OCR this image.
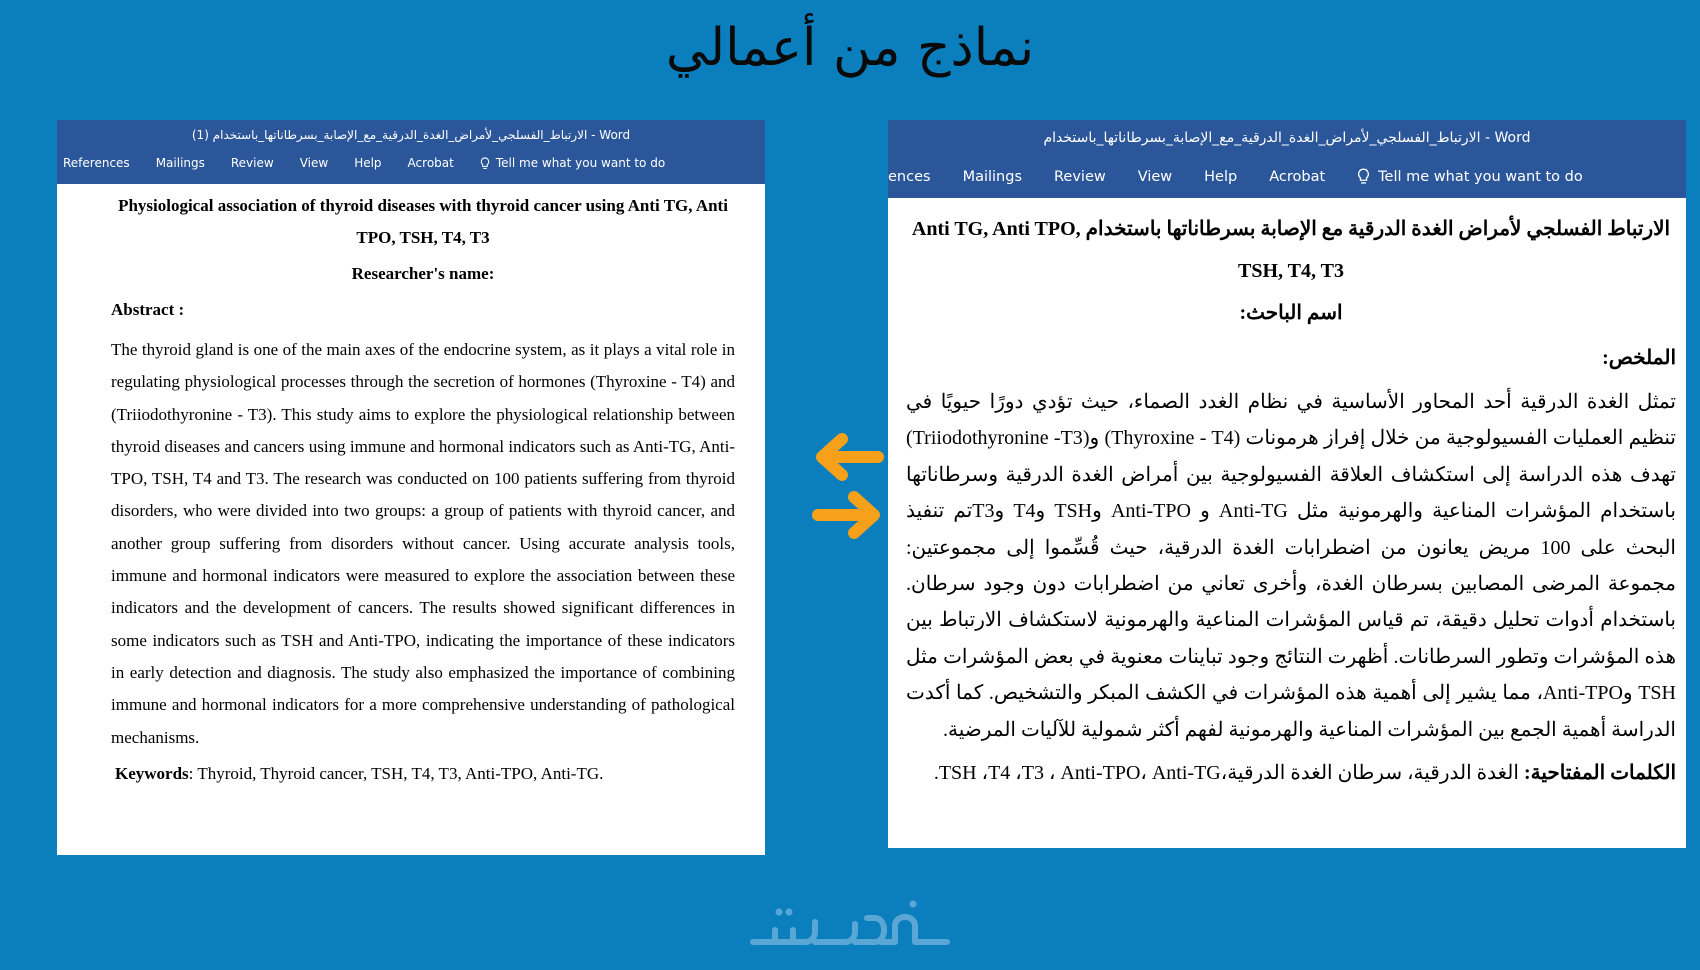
نماذج من أعمالي
الارتباط_الفسلجي_لأمراض_الغدة_الدرقية_مع_الإصابة_بسرطاناتها_باستخدام (1) - Word
References Mailings Review View Help Acrobat	Tell me what you want to do
Physiological association of thyroid diseases with thyroid cancer using Anti TG, Anti TPO, TSH, T4, T3
Researcher's name:
Abstract :
The thyroid gland is one of the main axes of the endocrine system, as it plays a vital role in regulating physiological processes through the secretion of hormones (Thyroxine - T4) and (Triiodothyronine - T3). This study aims to explore the physiological relationship between thyroid diseases and cancers using immune and hormonal indicators such as Anti-TG, Anti-TPO, TSH, T4 and T3. The research was conducted on 100 patients suffering from thyroid disorders, who were divided into two groups: a group of patients with thyroid cancer, and another group suffering from disorders without cancer. Using accurate analysis tools, immune and hormonal indicators were measured to explore the association between these indicators and the development of cancers. The results showed significant differences in some indicators such as TSH and Anti-TPO, indicating the importance of these indicators in early detection and diagnosis. The study also emphasized the importance of combining immune and hormonal indicators for a more comprehensive understanding of pathological mechanisms.
Keywords: Thyroid, Thyroid cancer, TSH, T4, T3, Anti-TPO, Anti-TG.
الارتباط_الفسلجي_لأمراض_الغدة_الدرقية_مع_الإصابة_بسرطاناتها_باستخدام - Word
ences Mailings Review View Help Acrobat	Tell me what you want to do
الارتباط الفسلجي لأمراض الغدة الدرقية مع الإصابة بسرطاناتها باستخدام Anti TG, Anti TPO, TSH, T4, T3
اسم الباحث:
الملخص:
تمثل الغدة الدرقية أحد المحاور الأساسية في نظام الغدد الصماء، حيث تؤدي دورًا حيويًا في تنظيم العمليات الفسيولوجية من خلال إفراز هرمونات (Thyroxine - T4) و(Triiodothyronine -T3) تهدف هذه الدراسة إلى استكشاف العلاقة الفسيولوجية بين أمراض الغدة الدرقية وسرطاناتها باستخدام المؤشرات المناعية والهرمونية مثل Anti-TG و Anti-TPO وTSH وT4 وT3تم تنفيذ البحث على 100 مريض يعانون من اضطرابات الغدة الدرقية، حيث قُسِّموا إلى مجموعتين: مجموعة المرضى المصابين بسرطان الغدة، وأخرى تعاني من اضطرابات دون وجود سرطان. باستخدام أدوات تحليل دقيقة، تم قياس المؤشرات المناعية والهرمونية لاستكشاف الارتباط بين هذه المؤشرات وتطور السرطانات. أظهرت النتائج وجود تباينات معنوية في بعض المؤشرات مثل TSH وAnti-TPO، مما يشير إلى أهمية هذه المؤشرات في الكشف المبكر والتشخيص. كما أكدت الدراسة أهمية الجمع بين المؤشرات المناعية والهرمونية لفهم أكثر شمولية للآليات المرضية.
الكلمات المفتاحية: الغدة الدرقية، سرطان الغدة الدرقية،TSH ،T4 ،T3 ، Anti-TPO، Anti-TG.
